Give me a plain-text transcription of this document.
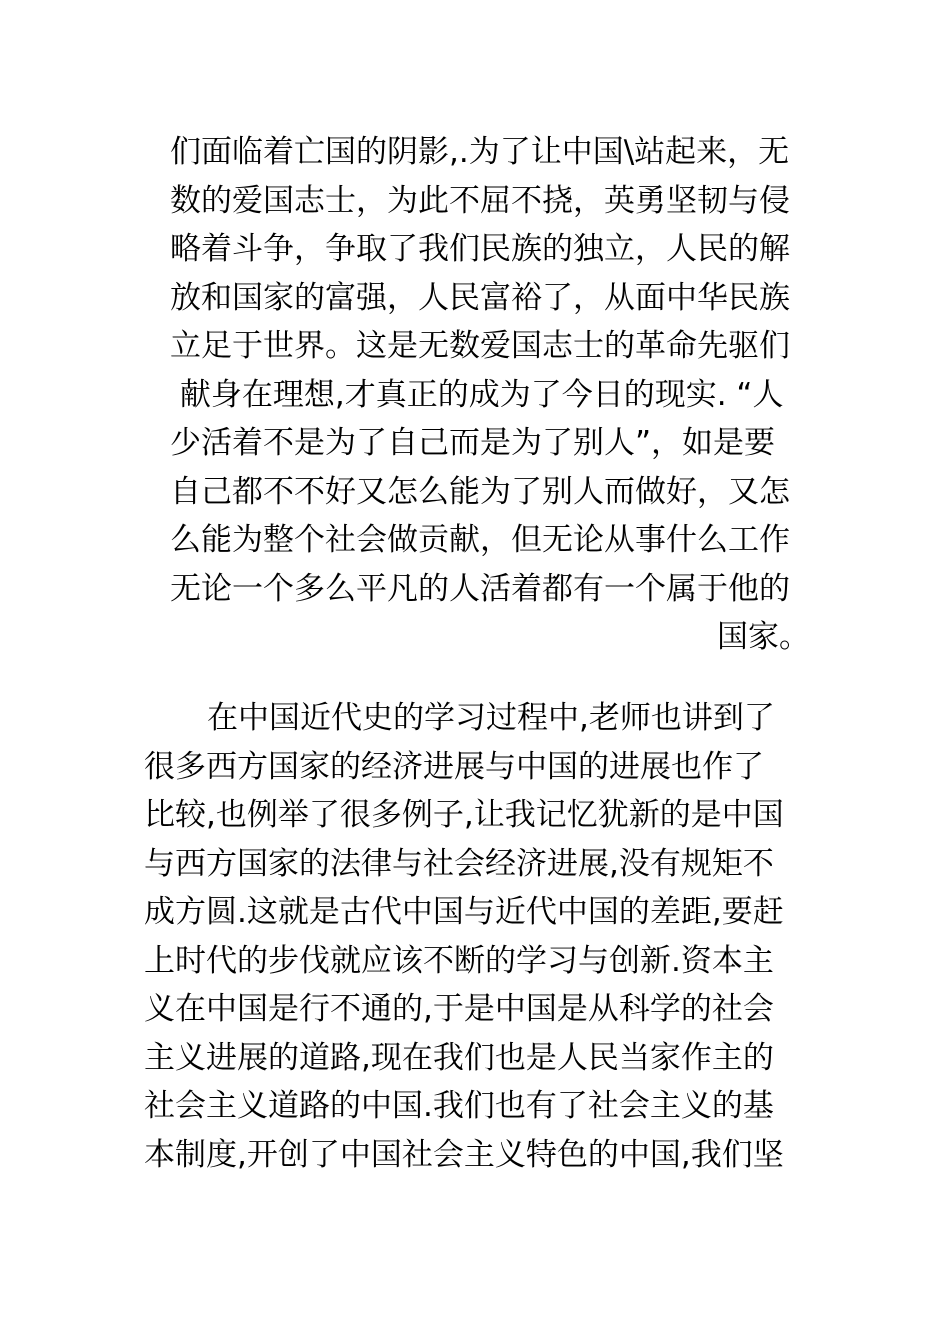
们面临着亡国的阴影,.为了让中国\站起来，无
数的爱国志士，为此不屈不挠，英勇坚韧与侵
略着斗争，争取了我们民族的独立，人民的解
放和国家的富强，人民富裕了，从面中华民族
立足于世界。这是无数爱国志士的革命先驱们
献身在理想,才真正的成为了今日的现实. “人
少活着不是为了自己而是为了别人”，如是要
自己都不不好又怎么能为了别人而做好，又怎
么能为整个社会做贡献，但无论从事什么工作
无论一个多么平凡的人活着都有一个属于他的
国家。
在中国近代史的学习过程中,老师也讲到了
很多西方国家的经济进展与中国的进展也作了
比较,也例举了很多例子,让我记忆犹新的是中国
与西方国家的法律与社会经济进展,没有规矩不
成方圆.这就是古代中国与近代中国的差距,要赶
上时代的步伐就应该不断的学习与创新.资本主
义在中国是行不通的,于是中国是从科学的社会
主义进展的道路,现在我们也是人民当家作主的
社会主义道路的中国.我们也有了社会主义的基
本制度,开创了中国社会主义特色的中国,我们坚
